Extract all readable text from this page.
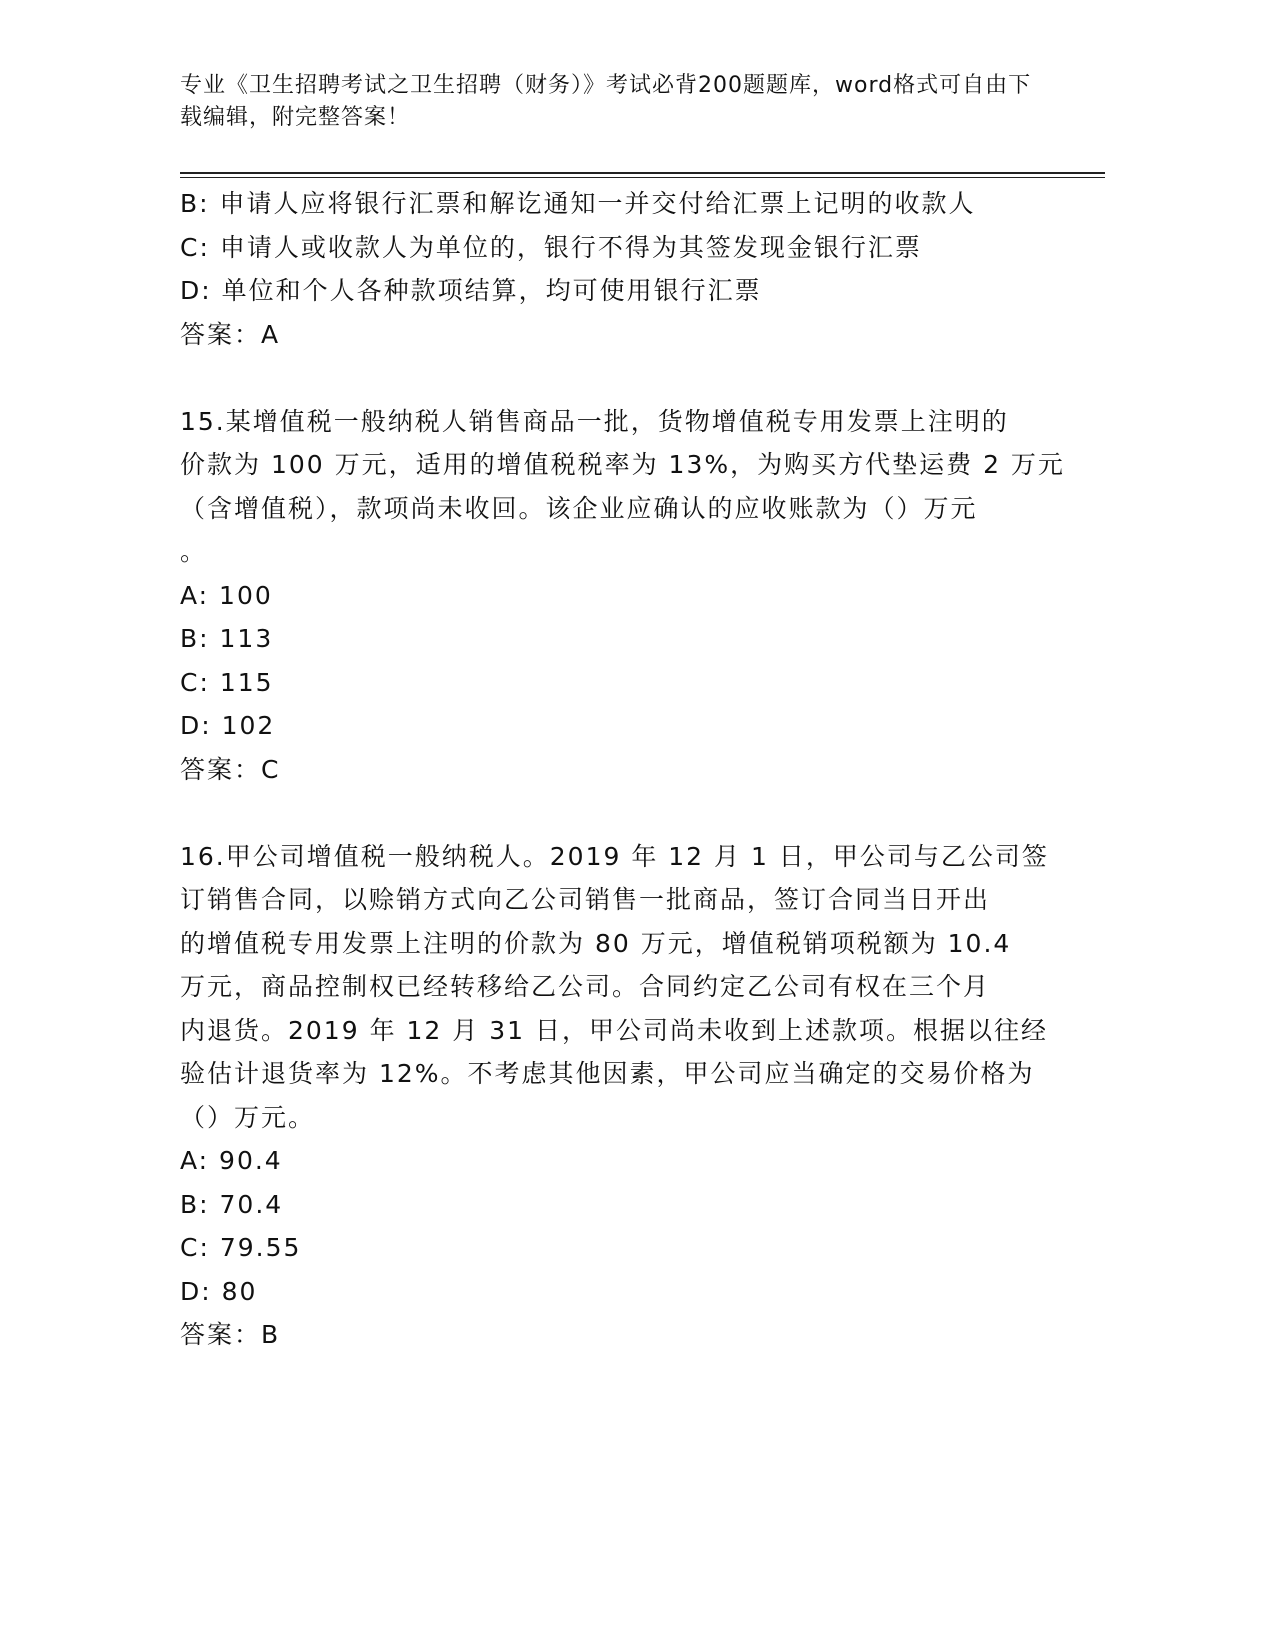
专业《卫生招聘考试之卫生招聘（财务）》考试必背200题题库，word格式可自由下载编辑，附完整答案！
B: 申请人应将银行汇票和解讫通知一并交付给汇票上记明的收款人
C: 申请人或收款人为单位的，银行不得为其签发现金银行汇票
D: 单位和个人各种款项结算，均可使用银行汇票
答案：A
15.某增值税一般纳税人销售商品一批，货物增值税专用发票上注明的
价款为 100 万元，适用的增值税税率为 13%，为购买方代垫运费 2 万元
（含增值税），款项尚未收回。该企业应确认的应收账款为（）万元
。
A: 100
B: 113
C: 115
D: 102
答案：C
16.甲公司增值税一般纳税人。2019 年 12 月 1 日，甲公司与乙公司签
订销售合同，以赊销方式向乙公司销售一批商品，签订合同当日开出
的增值税专用发票上注明的价款为 80 万元，增值税销项税额为 10.4
万元，商品控制权已经转移给乙公司。合同约定乙公司有权在三个月
内退货。2019 年 12 月 31 日，甲公司尚未收到上述款项。根据以往经
验估计退货率为 12%。不考虑其他因素，甲公司应当确定的交易价格为
（）万元。
A: 90.4
B: 70.4
C: 79.55
D: 80
答案：B
